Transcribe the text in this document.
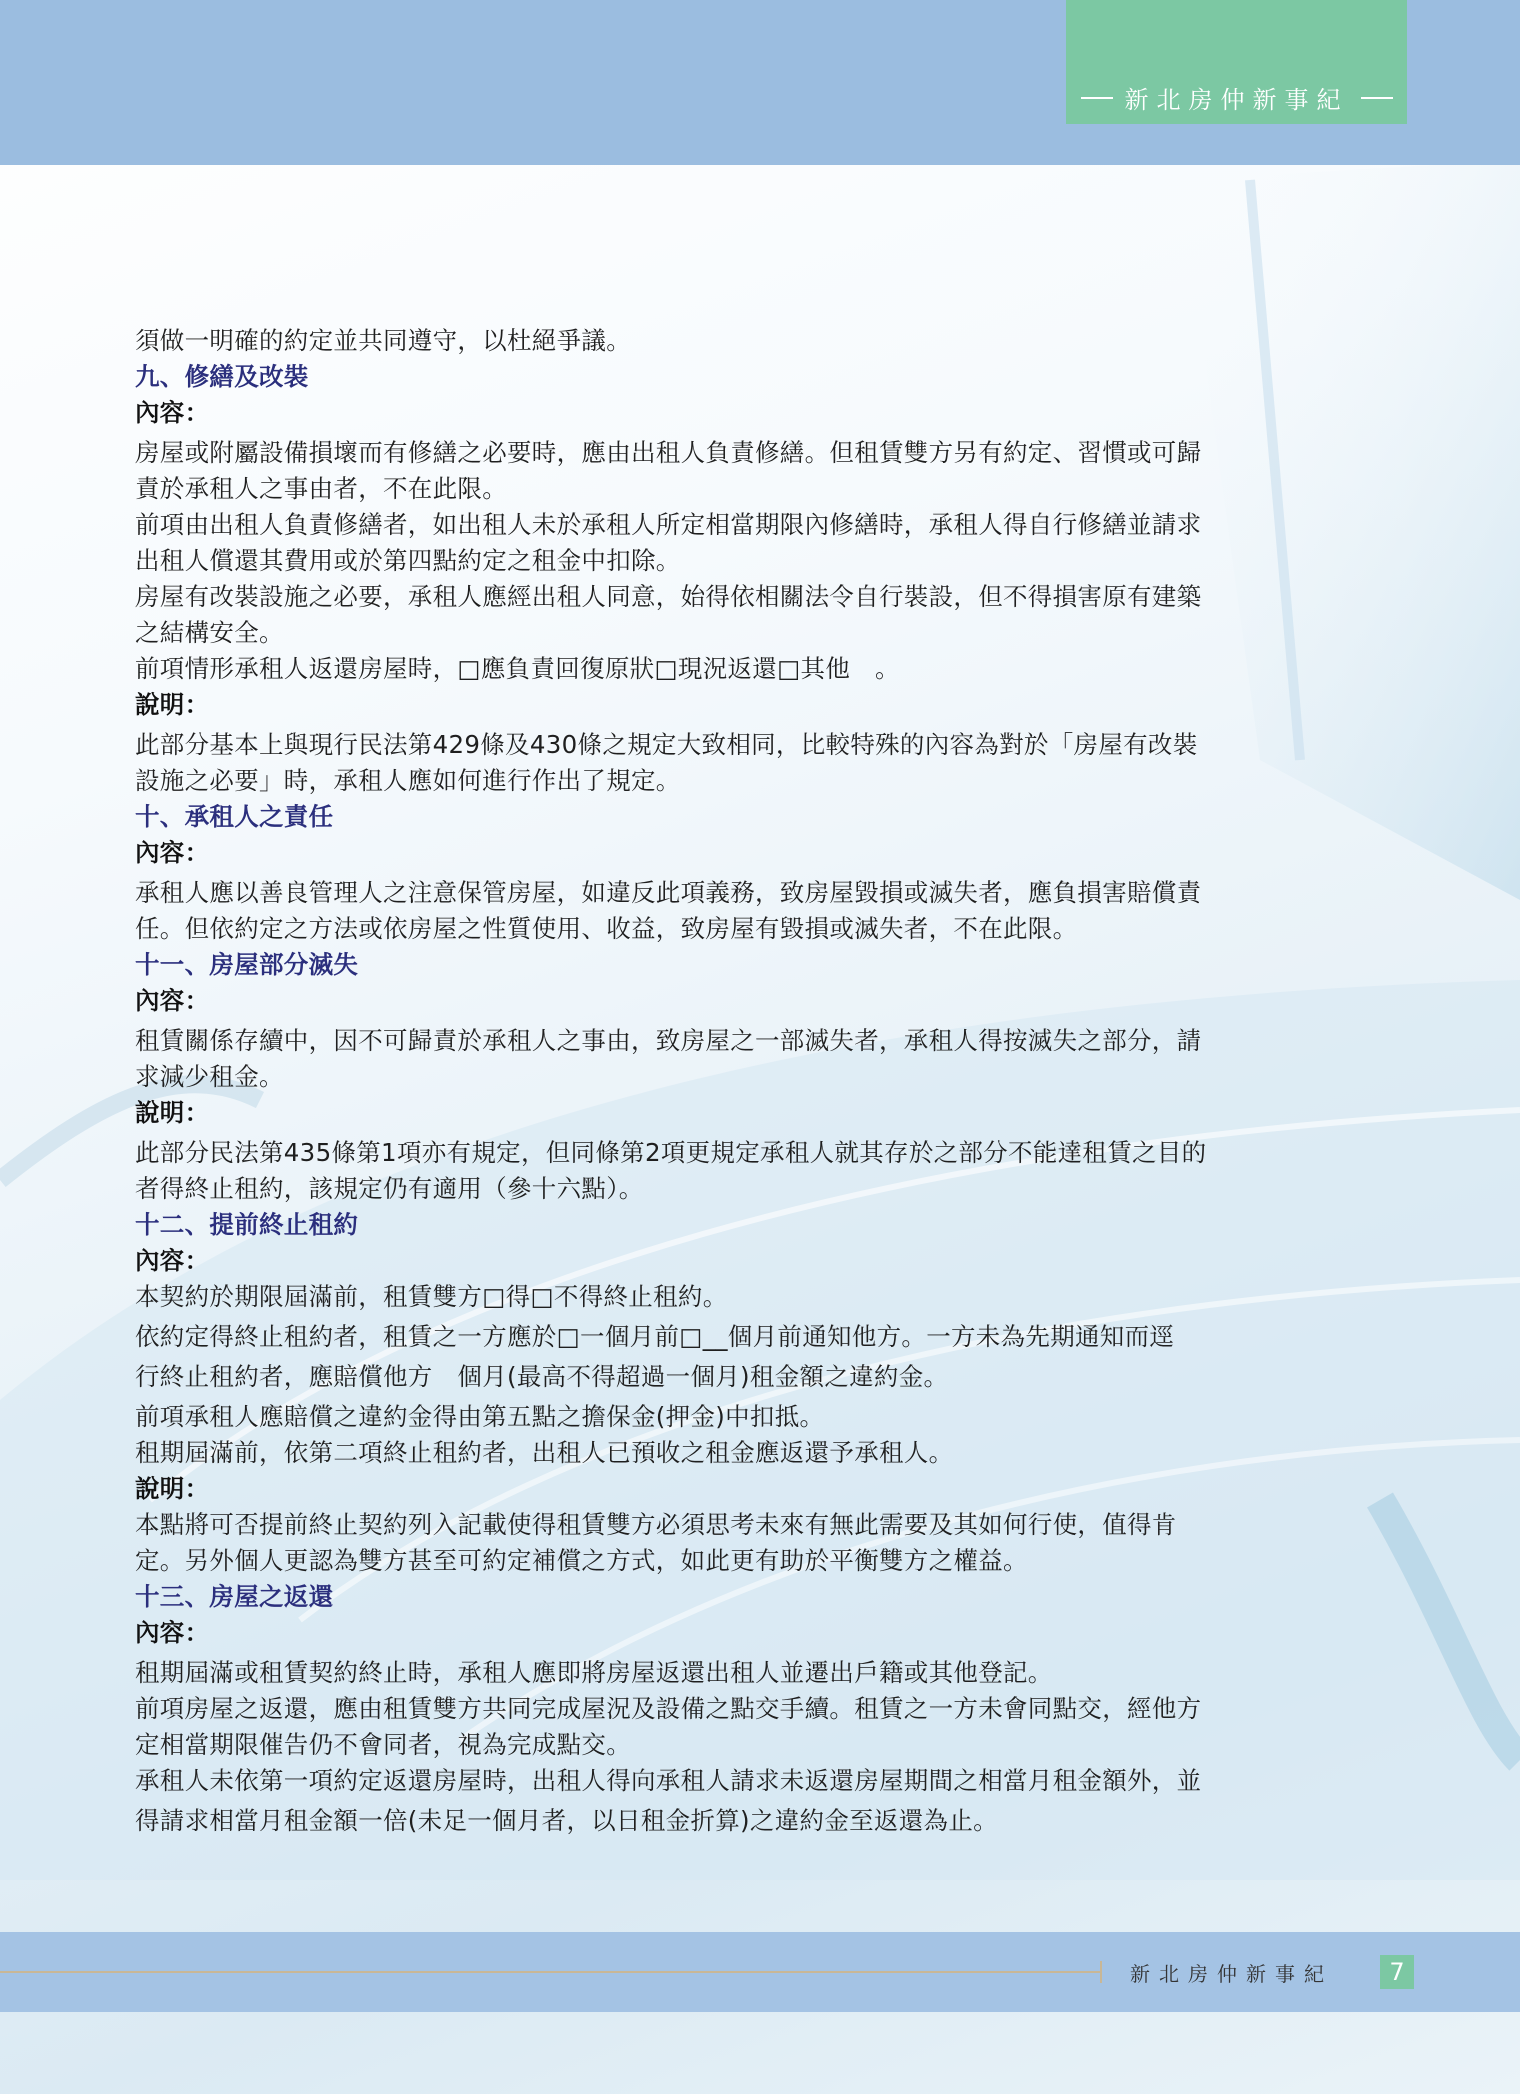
新北房仲新事紀
須做一明確的約定並共同遵守，以杜絕爭議。
九、修繕及改裝
內容：
房屋或附屬設備損壞而有修繕之必要時，應由出租人負責修繕。但租賃雙方另有約定、習慣或可歸
責於承租人之事由者，不在此限。
前項由出租人負責修繕者，如出租人未於承租人所定相當期限內修繕時，承租人得自行修繕並請求
出租人償還其費用或於第四點約定之租金中扣除。
房屋有改裝設施之必要，承租人應經出租人同意，始得依相關法令自行裝設，但不得損害原有建築
之結構安全。
前項情形承租人返還房屋時，□應負責回復原狀□現況返還□其他　。
說明：
此部分基本上與現行民法第429條及430條之規定大致相同，比較特殊的內容為對於「房屋有改裝
設施之必要」時，承租人應如何進行作出了規定。
十、承租人之責任
內容：
承租人應以善良管理人之注意保管房屋，如違反此項義務，致房屋毀損或滅失者，應負損害賠償責
任。但依約定之方法或依房屋之性質使用、收益，致房屋有毀損或滅失者，不在此限。
十一、房屋部分滅失
內容：
租賃關係存續中，因不可歸責於承租人之事由，致房屋之一部滅失者，承租人得按滅失之部分，請
求減少租金。
說明：
此部分民法第435條第1項亦有規定，但同條第2項更規定承租人就其存於之部分不能達租賃之目的
者得終止租約，該規定仍有適用（參十六點）。
十二、提前終止租約
內容：
本契約於期限屆滿前，租賃雙方□得□不得終止租約。
依約定得終止租約者，租賃之一方應於□一個月前□__個月前通知他方。一方未為先期通知而逕
行終止租約者，應賠償他方　個月(最高不得超過一個月)租金額之違約金。
前項承租人應賠償之違約金得由第五點之擔保金(押金)中扣抵。
租期屆滿前，依第二項終止租約者，出租人已預收之租金應返還予承租人。
說明：
本點將可否提前終止契約列入記載使得租賃雙方必須思考未來有無此需要及其如何行使，值得肯
定。另外個人更認為雙方甚至可約定補償之方式，如此更有助於平衡雙方之權益。
十三、房屋之返還
內容：
租期屆滿或租賃契約終止時，承租人應即將房屋返還出租人並遷出戶籍或其他登記。
前項房屋之返還，應由租賃雙方共同完成屋況及設備之點交手續。租賃之一方未會同點交，經他方
定相當期限催告仍不會同者，視為完成點交。
承租人未依第一項約定返還房屋時，出租人得向承租人請求未返還房屋期間之相當月租金額外，並
得請求相當月租金額一倍(未足一個月者，以日租金折算)之違約金至返還為止。
新北房仲新事紀	7
